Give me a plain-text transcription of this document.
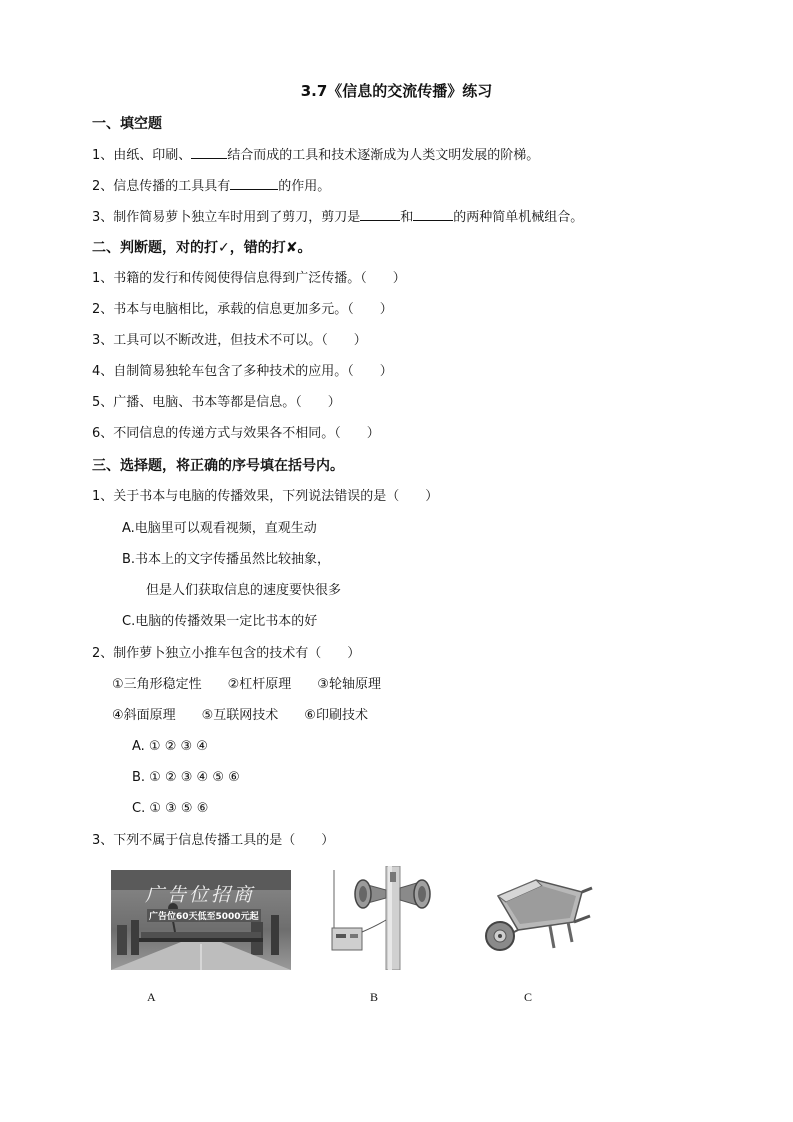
3.7《信息的交流传播》练习
一、填空题
1、由纸、印刷、	结合而成的工具和技术逐渐成为人类文明发展的阶梯。
2、信息传播的工具具有	的作用。
3、制作简易萝卜独立车时用到了剪刀，剪刀是	和	的两种简单机械组合。
二、判断题，对的打✓，错的打✘。
1、书籍的发行和传阅使得信息得到广泛传播。（　　）
2、书本与电脑相比，承载的信息更加多元。（　　）
3、工具可以不断改进，但技术不可以。（　　）
4、自制简易独轮车包含了多种技术的应用。（　　）
5、广播、电脑、书本等都是信息。（　　）
6、不同信息的传递方式与效果各不相同。（　　）
三、选择题，将正确的序号填在括号内。
1、关于书本与电脑的传播效果，下列说法错误的是（　　）
A.电脑里可以观看视频，直观生动
B.书本上的文字传播虽然比较抽象，
但是人们获取信息的速度要快很多
C.电脑的传播效果一定比书本的好
2、制作萝卜独立小推车包含的技术有（　　）
①三角形稳定性　　②杠杆原理　　③轮轴原理
④斜面原理　　⑤互联网技术　　⑥印刷技术
A. ① ② ③ ④
B. ① ② ③ ④ ⑤ ⑥
C. ① ③ ⑤ ⑥
3、下列不属于信息传播工具的是（　　）
广告位招商
广告位60天低至5000元起
A	B	C
